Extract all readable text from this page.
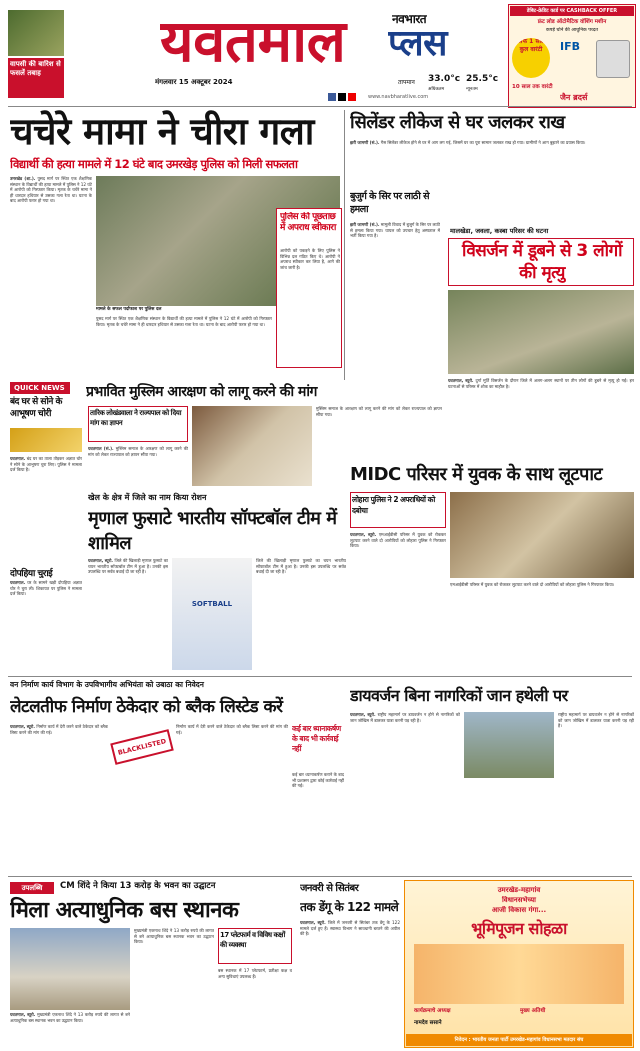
वापसी की बारिश से फसलें तबाह	यवतमाल	नवभारत
प्लस
मंगलवार 15 अक्टूबर 2024	तापमान	33.0°c 25.5°c
अधिकतम	न्यूनतम
www.navbharatlive.com
डेबिट-क्रेडिट कार्ड पर CASHBACK OFFER
फ्रंट लोड ऑटोमैटिक वॉशिंग मशीन
कपड़े धोने की आधुनिक पध्दत
सिर्फ 1 साल कुल वारंटी	IFB
10 साल तक वारंटी
जैन ब्रदर्स
चचेरे मामा ने चीरा गला
विद्यार्थी की हत्या मामले में 12 घंटे बाद उमरखेड़ पुलिस को मिली सफलता

उमरखेड (शा.). पुसद मार्ग पर स्थित एक शैक्षणिक संस्थान के विद्यार्थी की हत्या मामले में पुलिस ने 12 घंटे में आरोपी को गिरफ्तार किया। मृतक के चचेरे मामा ने ही धारदार हथियार से उसका गला रेता था। घटना के बाद आरोपी फरार हो गया था।

मामले के सफल पर्दाफाश पर पुलिस दल
पुलिस की पूछताछ में अपराध स्वीकारा
आरोपी को पकड़ने के लिए पुलिस ने विभिन्न दल गठित किए थे। आरोपी ने अपराध स्वीकार कर लिया है, आगे की जांच जारी है।
पुसद मार्ग पर स्थित एक शैक्षणिक संस्थान के विद्यार्थी की हत्या मामले में पुलिस ने 12 घंटे में आरोपी को गिरफ्तार किया। मृतक के चचेरे मामा ने ही धारदार हथियार से उसका गला रेता था। घटना के बाद आरोपी फरार हो गया था।
सिलेंडर लीकेज से घर जलकर राख

झरी जामणी (सं.). गैस सिलेंडर लीकेज होने से घर में आग लग गई, जिसमें घर का पूरा सामान जलकर राख हो गया। ग्रामीणों ने आग बुझाने का प्रयास किया।

बुजुर्ग के सिर पर लाठी से हमला

झरी जामणी (सं.). मामूली विवाद में बुजुर्ग के सिर पर लाठी से हमला किया गया। घायल को उपचार हेतु अस्पताल में भर्ती किया गया है।

मालखेडा, जवला, कस्बा परिसर की घटना
विसर्जन में डूबने से 3 लोगों की मृत्यु

यवतमाल, ब्यूरो. दुर्गा मूर्ति विसर्जन के दौरान जिले में अलग-अलग स्थानों पर तीन लोगों की डूबने से मृत्यु हो गई। इन घटनाओं से परिसर में शोक का माहौल है।

QUICK NEWS
बंद घर से सोने के आभूषण चोरी

यवतमाल. बंद घर का ताला तोड़कर अज्ञात चोर ने सोने के आभूषण चुरा लिए। पुलिस ने मामला दर्ज किया है।

दोपहिया चुराई

यवतमाल. घर के सामने खड़ी दोपहिया अज्ञात चोर ने चुरा ली। शिकायत पर पुलिस ने मामला दर्ज किया।

प्रभावित मुस्लिम आरक्षण को लागू करने की मांग
तारिक लोखंडवाला ने राज्यपाल को दिया मांग का ज्ञापन

यवतमाल (सं.). मुस्लिम समाज के आरक्षण को लागू करने की मांग को लेकर राज्यपाल को ज्ञापन सौंपा गया।

मुस्लिम समाज के आरक्षण को लागू करने की मांग को लेकर राज्यपाल को ज्ञापन सौंपा गया।
खेल के क्षेत्र में जिले का नाम किया रोशन
मृणाल फुसाटे भारतीय सॉफ्टबॉल टीम में शामिल

यवतमाल, ब्यूरो. जिले की खिलाड़ी मृणाल फुसाटे का चयन भारतीय सॉफ्टबॉल टीम में हुआ है। उनकी इस उपलब्धि पर सर्वत्र बधाई दी जा रही है।

SOFTBALL
जिले की खिलाड़ी मृणाल फुसाटे का चयन भारतीय सॉफ्टबॉल टीम में हुआ है। उनकी इस उपलब्धि पर सर्वत्र बधाई दी जा रही है।
MIDC परिसर में युवक के साथ लूटपाट
लोहारा पुलिस ने 2 अपराधियों को दबोचा

यवतमाल, ब्यूरो. एमआईडीसी परिसर में युवक को रोककर लूटपाट करने वाले दो आरोपियों को लोहारा पुलिस ने गिरफ्तार किया।

एमआईडीसी परिसर में युवक को रोककर लूटपाट करने वाले दो आरोपियों को लोहारा पुलिस ने गिरफ्तार किया।
वन निर्माण कार्य विभाग के उपविभागीय अभियंता को उबाठा का निवेदन
लेटलतीफ निर्माण ठेकेदार को ब्लैक लिस्टेड करें

यवतमाल, ब्यूरो. निर्माण कार्य में देरी करने वाले ठेकेदार को ब्लैक लिस्ट करने की मांग की गई।

BLACKLISTED
निर्माण कार्य में देरी करने वाले ठेकेदार को ब्लैक लिस्ट करने की मांग की गई।	कई बार ध्यानाकर्षण के बाद भी कार्रवाई नहीं
कई बार ध्यानाकर्षण कराने के बाद भी प्रशासन द्वारा कोई कार्रवाई नहीं की गई।
डायवर्जन बिना नागरिकों जान हथेली पर

यवतमाल, ब्यूरो. राष्ट्रीय महामार्ग पर डायवर्जन न होने से नागरिकों को जान जोखिम में डालकर यात्रा करनी पड़ रही है।

राष्ट्रीय महामार्ग पर डायवर्जन न होने से नागरिकों को जान जोखिम में डालकर यात्रा करनी पड़ रही है।
उपलब्धि	CM शिंदे ने किया 13 करोड़ के भवन का उद्घाटन
मिला अत्याधुनिक बस स्थानक

यवतमाल, ब्यूरो. मुख्यमंत्री एकनाथ शिंदे ने 13 करोड़ रुपये की लागत से बने अत्याधुनिक बस स्थानक भवन का उद्घाटन किया।

मुख्यमंत्री एकनाथ शिंदे ने 13 करोड़ रुपये की लागत से बने अत्याधुनिक बस स्थानक भवन का उद्घाटन किया।
17 प्लेटफार्म व विविध कक्षों की व्यवस्था
बस स्थानक में 17 प्लेटफार्म, प्रतीक्षा कक्ष व अन्य सुविधाएं उपलब्ध हैं।
जनवरी से सितंबर
तक डेंगू के 122 मामले

यवतमाल, ब्यूरो. जिले में जनवरी से सितंबर तक डेंगू के 122 मामले दर्ज हुए हैं। स्वास्थ्य विभाग ने सावधानी बरतने की अपील की है।

उमरखेड-महागांव
विधानसभेच्या
आजी विकास गंगा...
भूमिपूजन सोहळा
कार्यक्रमाचे अध्यक्ष	मुख्य अतिथी
नामदेव ससाने
निवेदन : भारतीय जनता पार्टी उमरखेड-महागांव विधानसभा मतदार संघ
